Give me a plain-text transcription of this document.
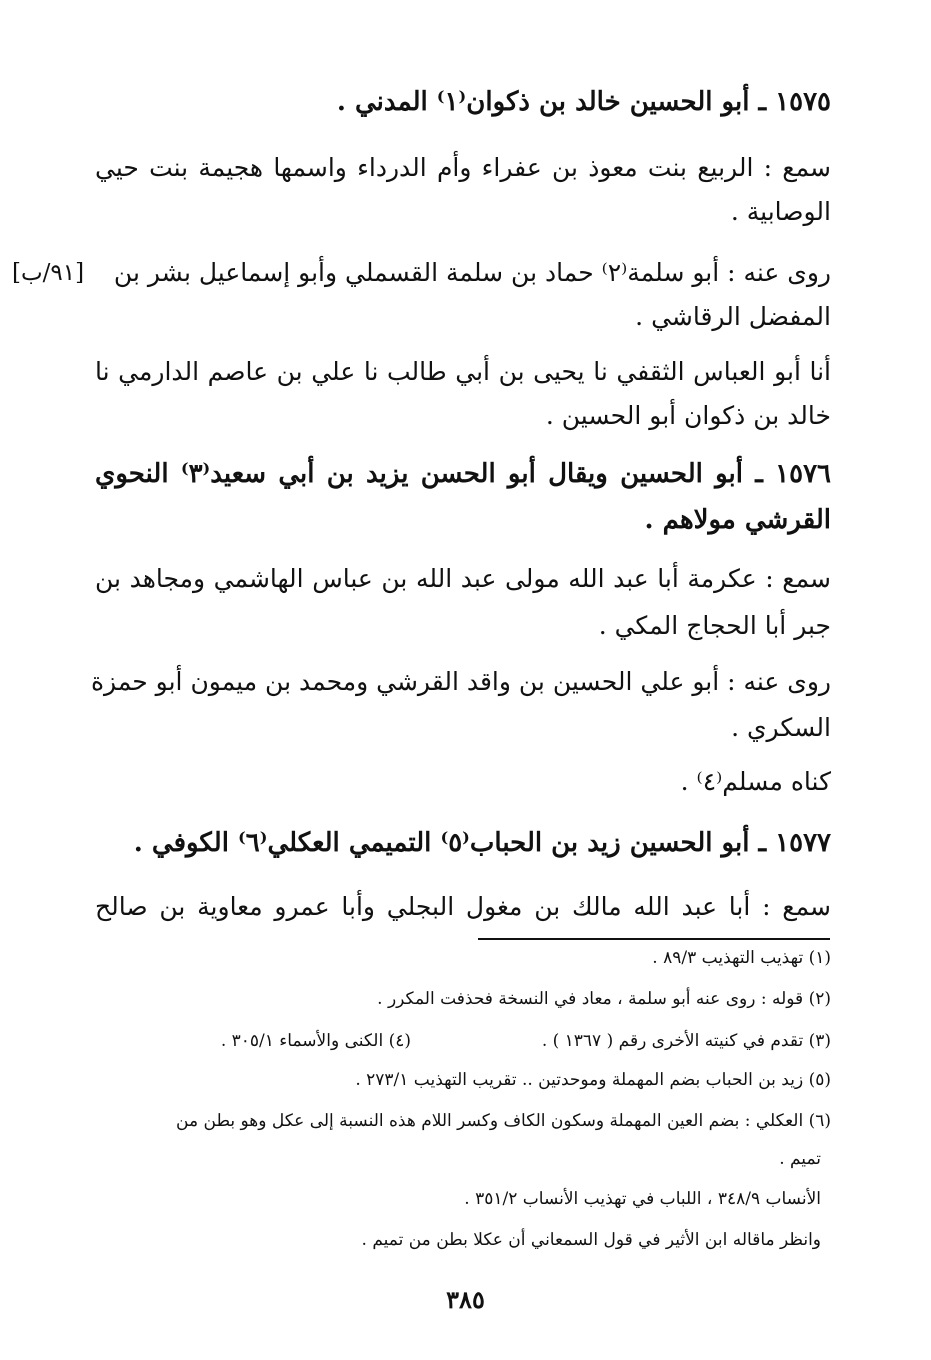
١٥٧٥ ـ أبو الحسين خالد بن ذكوان⁽١⁾ المدني .
سمع : الربيع بنت معوذ بن عفراء وأم الدرداء واسمها هجيمة بنت حيي
الوصابية .
روى عنه : أبو سلمة⁽٢⁾ حماد بن سلمة القسملي وأبو إسماعيل بشر بن
[٩١/ب]
المفضل الرقاشي .
أنا أبو العباس الثقفي نا يحيى بن أبي طالب نا علي بن عاصم الدارمي نا
خالد بن ذكوان أبو الحسين .
١٥٧٦ ـ أبو الحسين ويقال أبو الحسن يزيد بن أبي سعيد⁽٣⁾ النحوي
القرشي مولاهم .
سمع : عكرمة أبا عبد الله مولى عبد الله بن عباس الهاشمي ومجاهد بن
جبر أبا الحجاج المكي .
روى عنه : أبو علي الحسين بن واقد القرشي ومحمد بن ميمون أبو حمزة
السكري .
كناه مسلم⁽٤⁾ .
١٥٧٧ ـ أبو الحسين زيد بن الحباب⁽٥⁾ التميمي العكلي⁽٦⁾ الكوفي .
سمع : أبا عبد الله مالك بن مغول البجلي وأبا عمرو معاوية بن صالح
(١) تهذيب التهذيب ٨٩/٣ .
(٢) قوله : روى عنه أبو سلمة ، معاد في النسخة فحذفت المكرر .
(٣) تقدم في كنيته الأخرى رقم ( ١٣٦٧ ) .
(٤) الكنى والأسماء ٣٠٥/١ .
(٥) زيد بن الحباب بضم المهملة وموحدتين .. تقريب التهذيب ٢٧٣/١ .
(٦) العكلي : بضم العين المهملة وسكون الكاف وكسر اللام هذه النسبة إلى عكل وهو بطن من
تميم .
الأنساب ٣٤٨/٩ ، اللباب في تهذيب الأنساب ٣٥١/٢ .
وانظر ماقاله ابن الأثير في قول السمعاني أن عكلا بطن من تميم .
٣٨٥
